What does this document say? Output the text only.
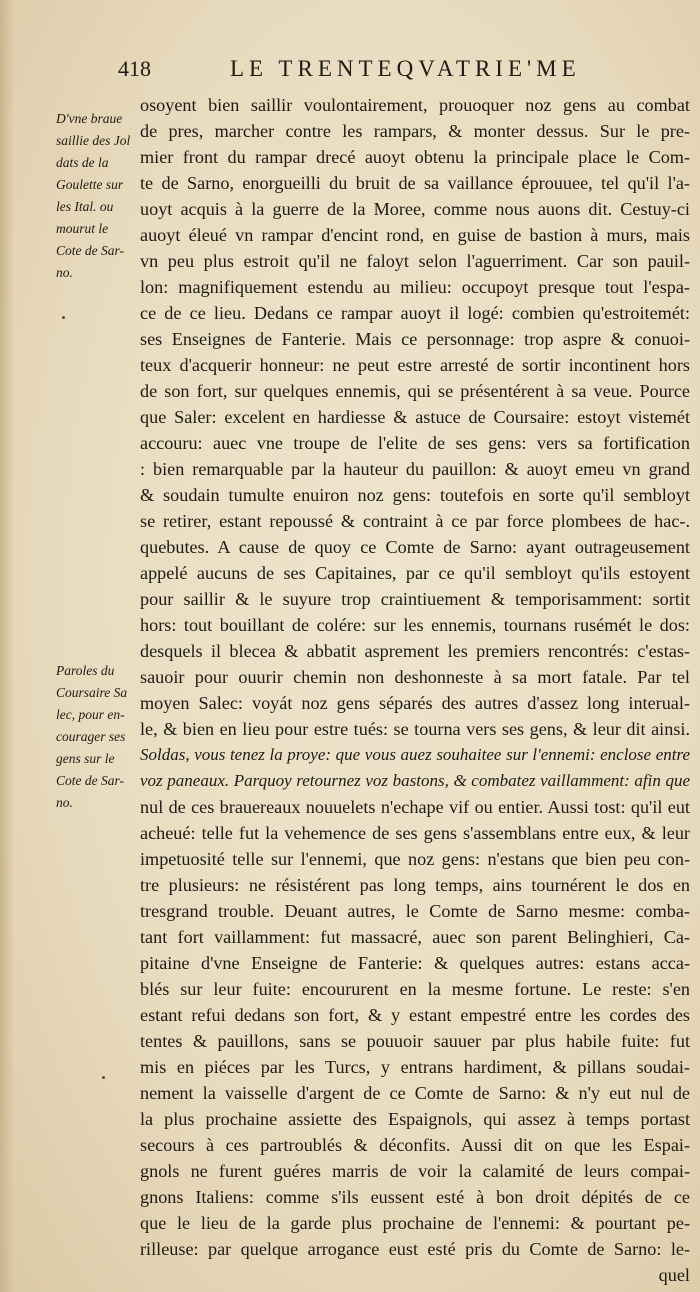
418	LE TRENTEQVATRIE'ME
D'vne braue
saillie des Jol
dats de la
Goulette sur
les Ital. ou
mourut le
Cote de Sar-
no.
Paroles du
Coursaire Sa
lec, pour en-
courager ses
gens sur le
Cote de Sar-
no.
osoyent bien saillir voulontairement, prouoquer noz gens au combat
de pres, marcher contre les rampars, & monter dessus. Sur le pre-
mier front du rampar drecé auoyt obtenu la principale place le Com-
te de Sarno, enorgueilli du bruit de sa vaillance éprouuee, tel qu'il l'a-
uoyt acquis à la guerre de la Moree, comme nous auons dit. Cestuy-ci
auoyt éleué vn rampar d'encint rond, en guise de bastion à murs, mais
vn peu plus estroit qu'il ne faloyt selon l'aguerriment. Car son pauil-
lon: magnifiquement estendu au milieu: occupoyt presque tout l'espa-
ce de ce lieu. Dedans ce rampar auoyt il logé: combien qu'estroitemét:
ses Enseignes de Fanterie. Mais ce personnage: trop aspre & conuoi-
teux d'acquerir honneur: ne peut estre arresté de sortir incontinent hors
de son fort, sur quelques ennemis, qui se présentérent à sa veue. Pource
que Saler: excelent en hardiesse & astuce de Coursaire: estoyt vistemét
accouru: auec vne troupe de l'elite de ses gens: vers sa fortification
: bien remarquable par la hauteur du pauillon: & auoyt emeu vn grand
& soudain tumulte enuiron noz gens: toutefois en sorte qu'il sembloyt
se retirer, estant repoussé & contraint à ce par force plombees de hac-.
quebutes. A cause de quoy ce Comte de Sarno: ayant outrageusement
appelé aucuns de ses Capitaines, par ce qu'il sembloyt qu'ils estoyent
pour saillir & le suyure trop craintiuement & temporisamment: sortit
hors: tout bouillant de colére: sur les ennemis, tournans rusémét le dos:
desquels il blecea & abbatit asprement les premiers rencontrés: c'estas-
sauoir pour ouurir chemin non deshonneste à sa mort fatale. Par tel
moyen Salec: voyát noz gens séparés des autres d'assez long interual-
le, & bien en lieu pour estre tués: se tourna vers ses gens, & leur dit ainsi.
Soldas, vous tenez la proye: que vous auez souhaitee sur l'ennemi: enclose entre
voz paneaux. Parquoy retournez voz bastons, & combatez vaillamment: afin que
nul de ces brauereaux nouuelets n'echape vif ou entier. Aussi tost: qu'il eut
acheué: telle fut la vehemence de ses gens s'assemblans entre eux, & leur
impetuosité telle sur l'ennemi, que noz gens: n'estans que bien peu con-
tre plusieurs: ne résistérent pas long temps, ains tournérent le dos en
tresgrand trouble. Deuant autres, le Comte de Sarno mesme: comba-
tant fort vaillamment: fut massacré, auec son parent Belinghieri, Ca-
pitaine d'vne Enseigne de Fanterie: & quelques autres: estans acca-
blés sur leur fuite: encoururent en la mesme fortune. Le reste: s'en
estant refui dedans son fort, & y estant empestré entre les cordes des
tentes & pauillons, sans se pouuoir sauuer par plus habile fuite: fut
mis en piéces par les Turcs, y entrans hardiment, & pillans soudai-
nement la vaisselle d'argent de ce Comte de Sarno: & n'y eut nul de
la plus prochaine assiette des Espaignols, qui assez à temps portast
secours à ces partroublés & déconfits. Aussi dit on que les Espai-
gnols ne furent guéres marris de voir la calamité de leurs compai-
gnons Italiens: comme s'ils eussent esté à bon droit dépités de ce
que le lieu de la garde plus prochaine de l'ennemi: & pourtant pe-
rilleuse: par quelque arrogance eust esté pris du Comte de Sarno: le-
quel
